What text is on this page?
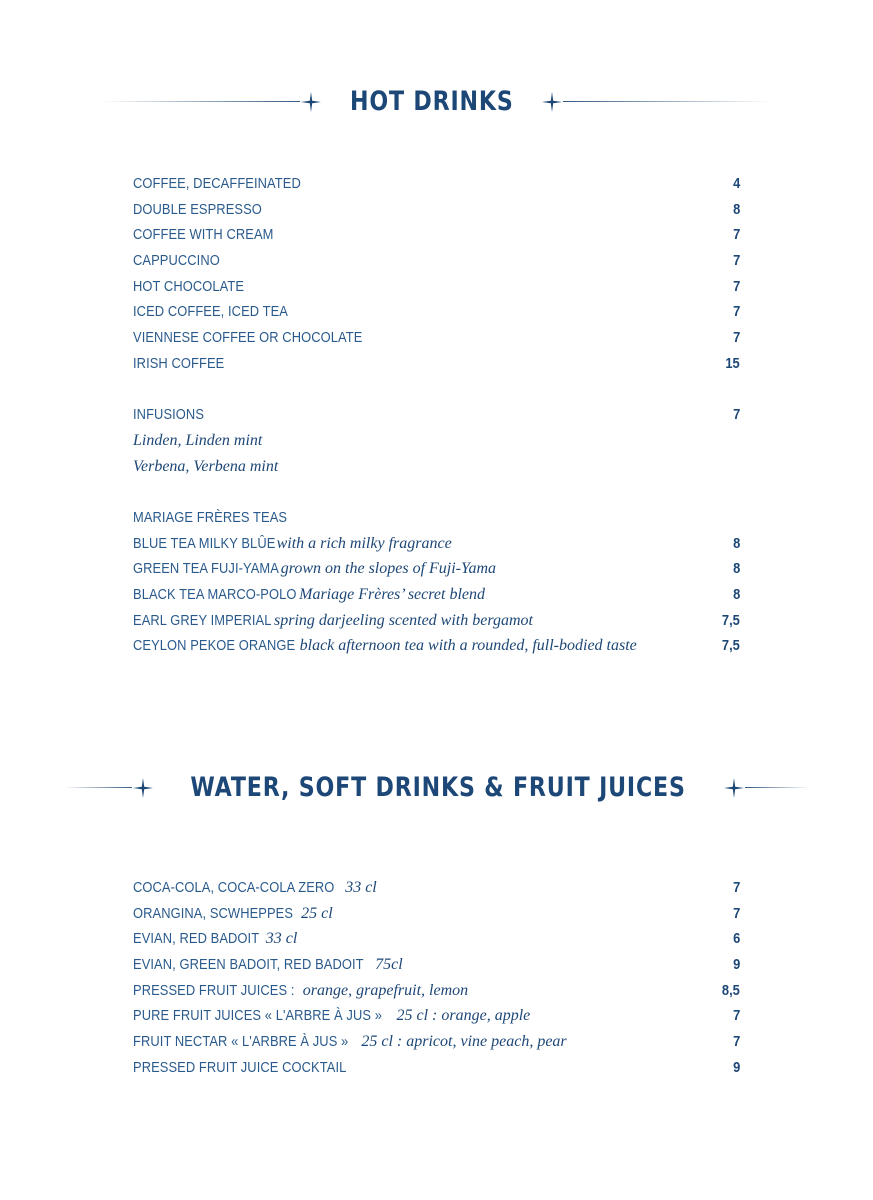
HOT DRINKS
COFFEE, DECAFFEINATED	4
DOUBLE ESPRESSO	8
COFFEE WITH CREAM	7
CAPPUCCINO	7
HOT CHOCOLATE	7
ICED COFFEE, ICED TEA	7
VIENNESE COFFEE OR CHOCOLATE	7
IRISH COFFEE	15
INFUSIONS	7
Linden, Linden mint
Verbena, Verbena mint
MARIAGE FRÈRES TEAS
BLUE TEA MILKY BLÛEwith a rich milky fragrance	8
GREEN TEA FUJI-YAMA grown on the slopes of Fuji-Yama	8
BLACK TEA MARCO-POLO Mariage Frères’ secret blend	8
EARL GREY IMPERIAL spring darjeeling scented with bergamot	7,5
CEYLON PEKOE ORANGE black afternoon tea with a rounded, full-bodied taste	7,5
WATER, SOFT DRINKS & FRUIT JUICES
COCA-COLA, COCA-COLA ZERO 33 cl	7
ORANGINA, SCWHEPPES 25 cl	7
EVIAN, RED BADOIT 33 cl	6
EVIAN, GREEN BADOIT, RED BADOIT 75cl	9
PRESSED FRUIT JUICES : orange, grapefruit, lemon	8,5
PURE FRUIT JUICES « L'ARBRE À JUS » 25 cl : orange, apple	7
FRUIT NECTAR « L'ARBRE À JUS » 25 cl : apricot, vine peach, pear	7
PRESSED FRUIT JUICE COCKTAIL	9
